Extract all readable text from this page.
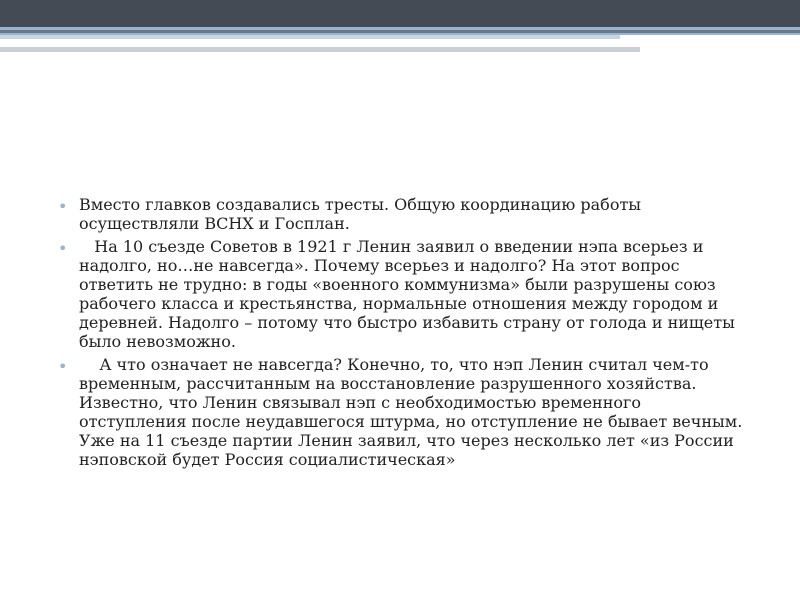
• Вместо главков создавались тресты. Общую координацию работы осуществляли ВСНХ и Госплан.
• На 10 съезде Советов в 1921 г Ленин заявил о введении нэпа всерьез и надолго, но…не навсегда». Почему всерьез и надолго? На этот вопрос ответить не трудно: в годы «военного коммунизма» были разрушены союз рабочего класса и крестьянства, нормальные отношения между городом и деревней. Надолго – потому что быстро избавить страну от голода и нищеты было невозможно.
• А что означает не навсегда? Конечно, то, что нэп Ленин считал чем-то временным, рассчитанным на восстановление разрушенного хозяйства. Известно, что Ленин связывал нэп с необходимостью временного отступления после неудавшегося штурма, но отступление не бывает вечным. Уже на 11 съезде партии Ленин заявил, что через несколько лет «из России нэповской будет Россия социалистическая»
